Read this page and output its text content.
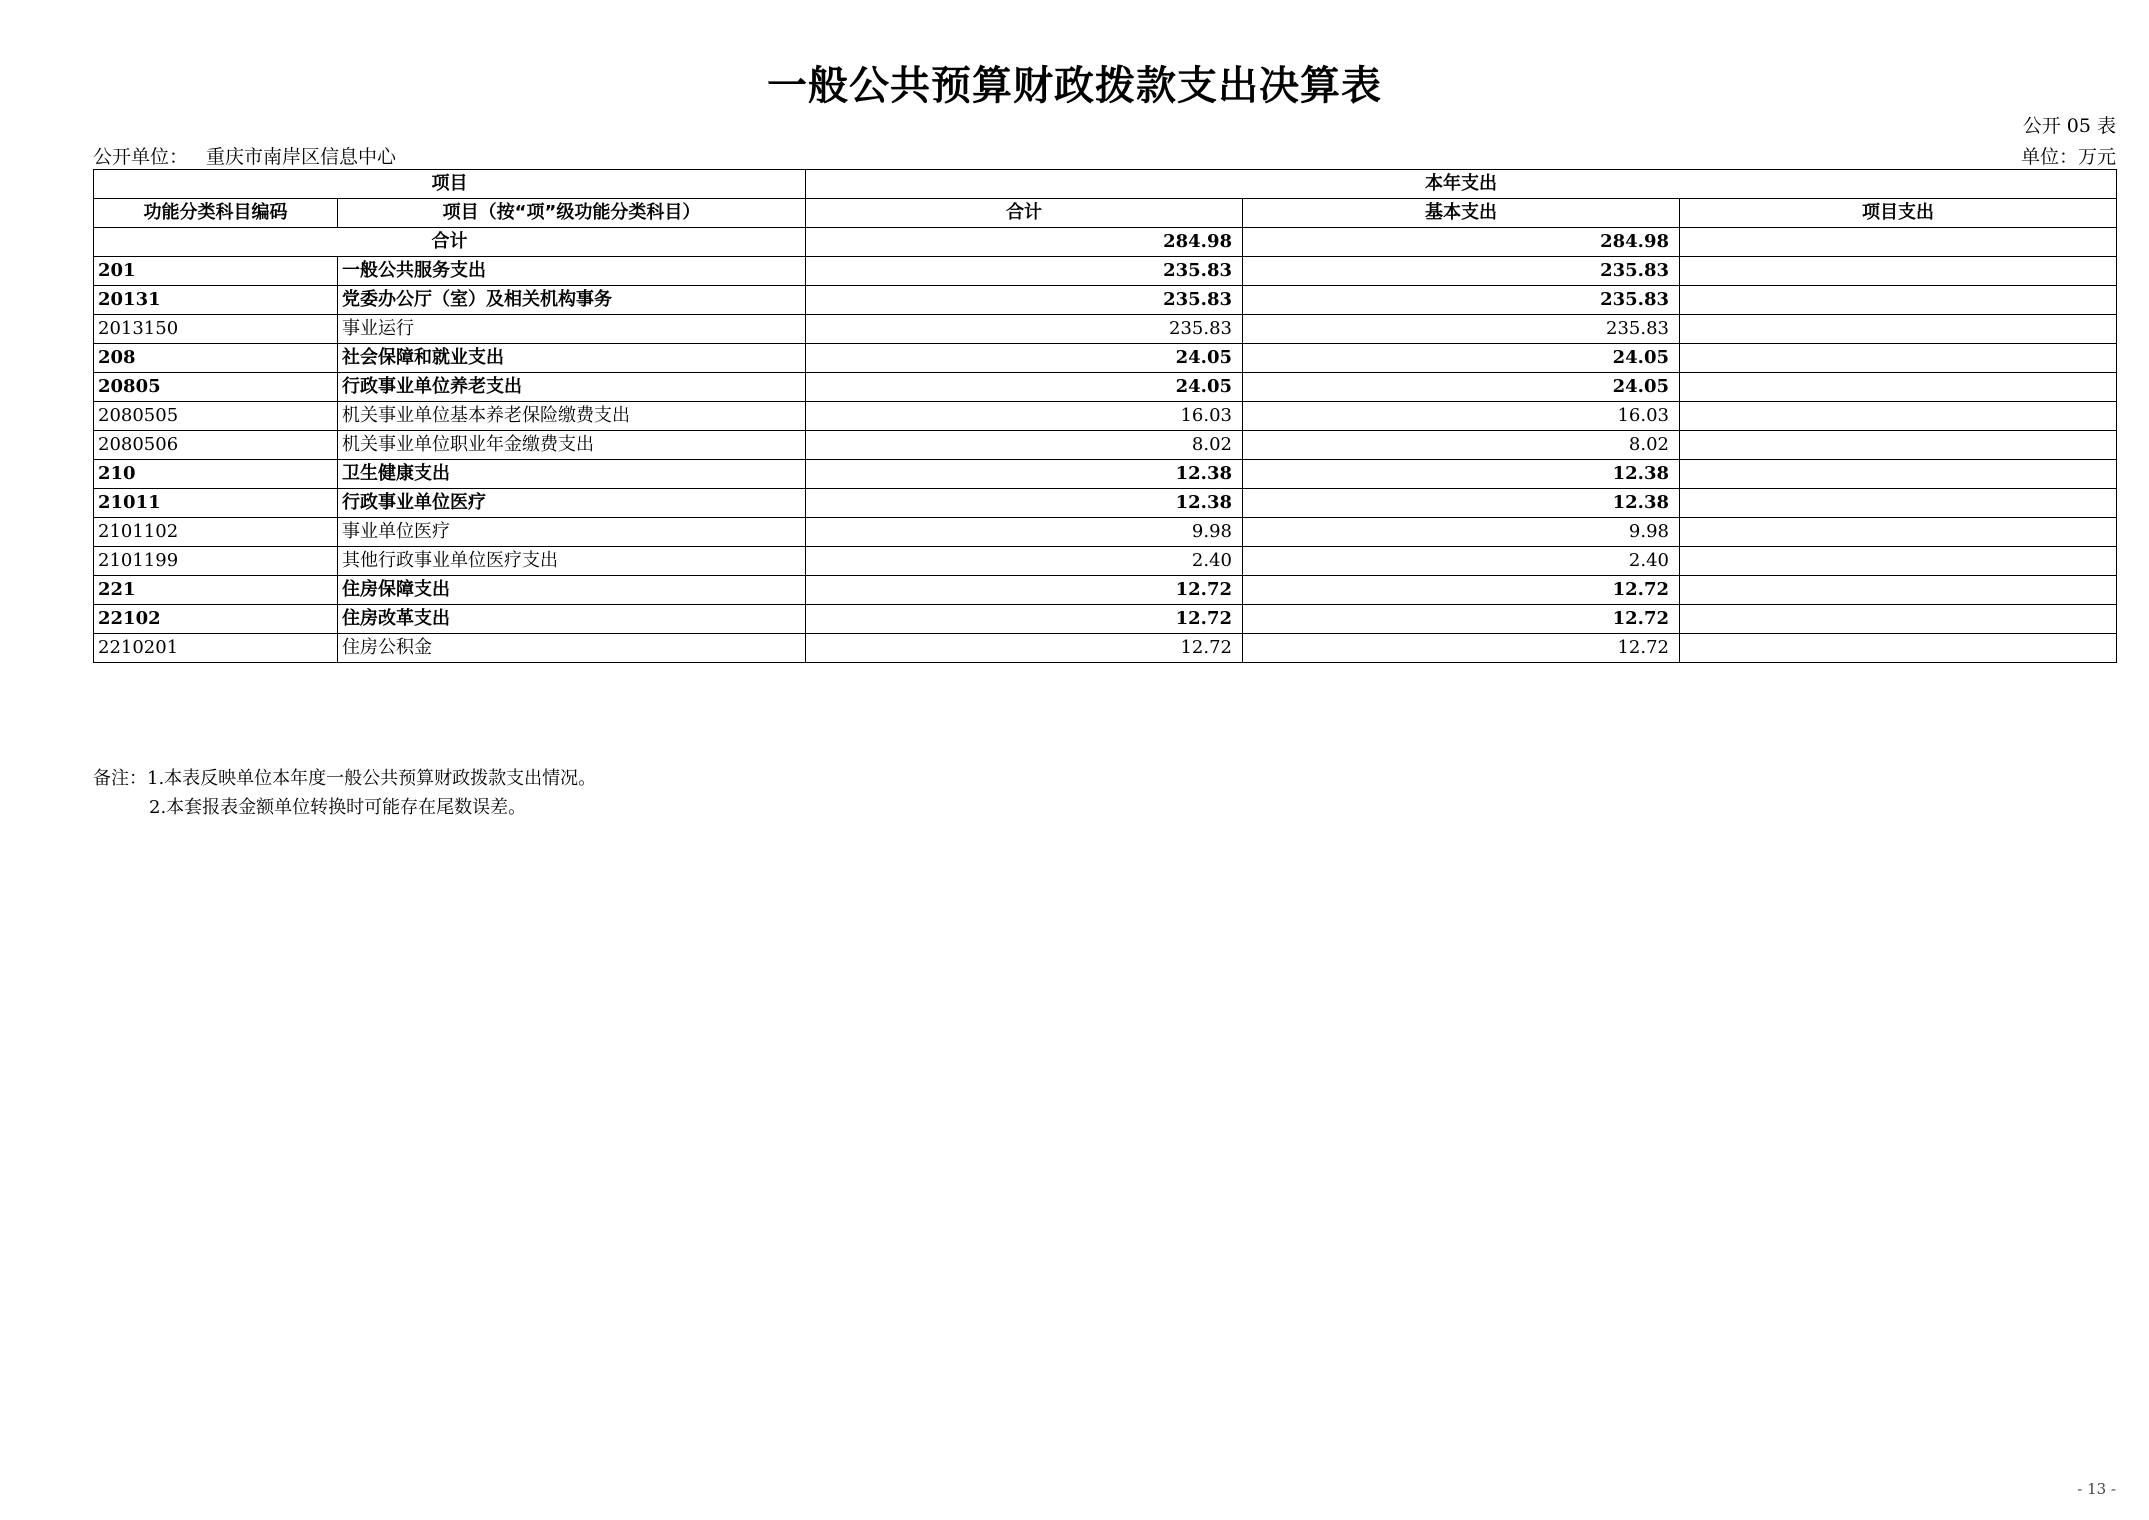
一般公共预算财政拨款支出决算表
公开 05 表
公开单位： 重庆市南岸区信息中心	单位：万元
项目		本年支出		
功能分类科目编码	项目（按“项”级功能分类科目）	合计	基本支出	项目支出
合计		284.98	284.98	
201	一般公共服务支出	235.83	235.83	
20131	党委办公厅（室）及相关机构事务	235.83	235.83	
2013150	事业运行	235.83	235.83	
208	社会保障和就业支出	24.05	24.05	
20805	行政事业单位养老支出	24.05	24.05	
2080505	机关事业单位基本养老保险缴费支出	16.03	16.03	
2080506	机关事业单位职业年金缴费支出	8.02	8.02	
210	卫生健康支出	12.38	12.38	
21011	行政事业单位医疗	12.38	12.38	
2101102	事业单位医疗	9.98	9.98	
2101199	其他行政事业单位医疗支出	2.40	2.40	
221	住房保障支出	12.72	12.72	
22102	住房改革支出	12.72	12.72	
2210201	住房公积金	12.72	12.72	
备注：1.本表反映单位本年度一般公共预算财政拨款支出情况。
2.本套报表金额单位转换时可能存在尾数误差。
- 13 -
